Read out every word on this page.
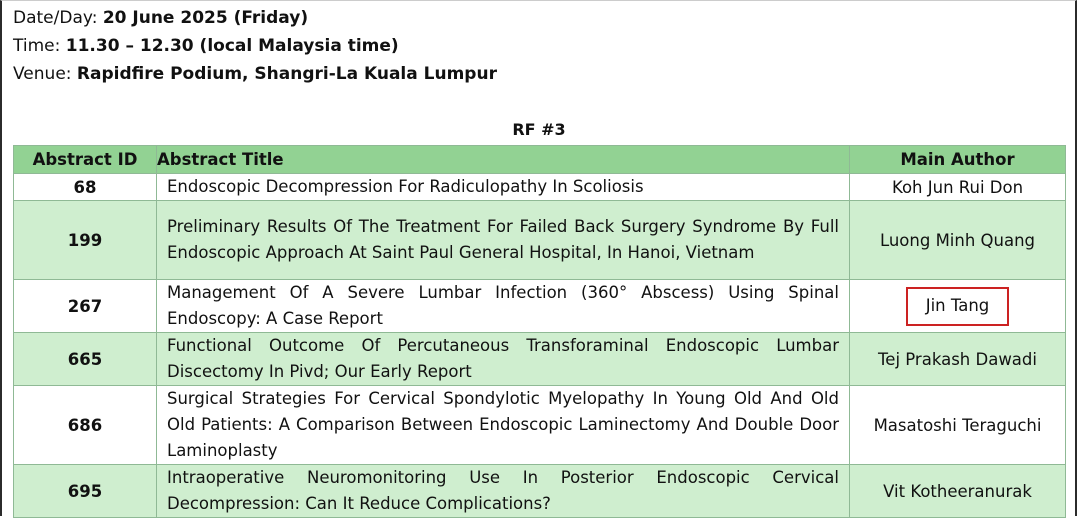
Date/Day: 20 June 2025 (Friday)
Time: 11.30 – 12.30 (local Malaysia time)
Venue: Rapidfire Podium, Shangri-La Kuala Lumpur
RF #3
Abstract ID	Abstract Title	Main Author
68	Endoscopic Decompression For Radiculopathy In Scoliosis	Koh Jun Rui Don
199	Preliminary Results Of The Treatment For Failed Back Surgery Syndrome By Full Endoscopic Approach At Saint Paul General Hospital, In Hanoi, Vietnam	Luong Minh Quang
267	Management Of A Severe Lumbar Infection (360° Abscess) Using Spinal Endoscopy: A Case Report	Jin Tang
665	Functional Outcome Of Percutaneous Transforaminal Endoscopic Lumbar Discectomy In Pivd; Our Early Report	Tej Prakash Dawadi
686	Surgical Strategies For Cervical Spondylotic Myelopathy In Young Old And Old Old Patients: A Comparison Between Endoscopic Laminectomy And Double Door Laminoplasty	Masatoshi Teraguchi
695	Intraoperative Neuromonitoring Use In Posterior Endoscopic Cervical Decompression: Can It Reduce Complications?	Vit Kotheeranurak
